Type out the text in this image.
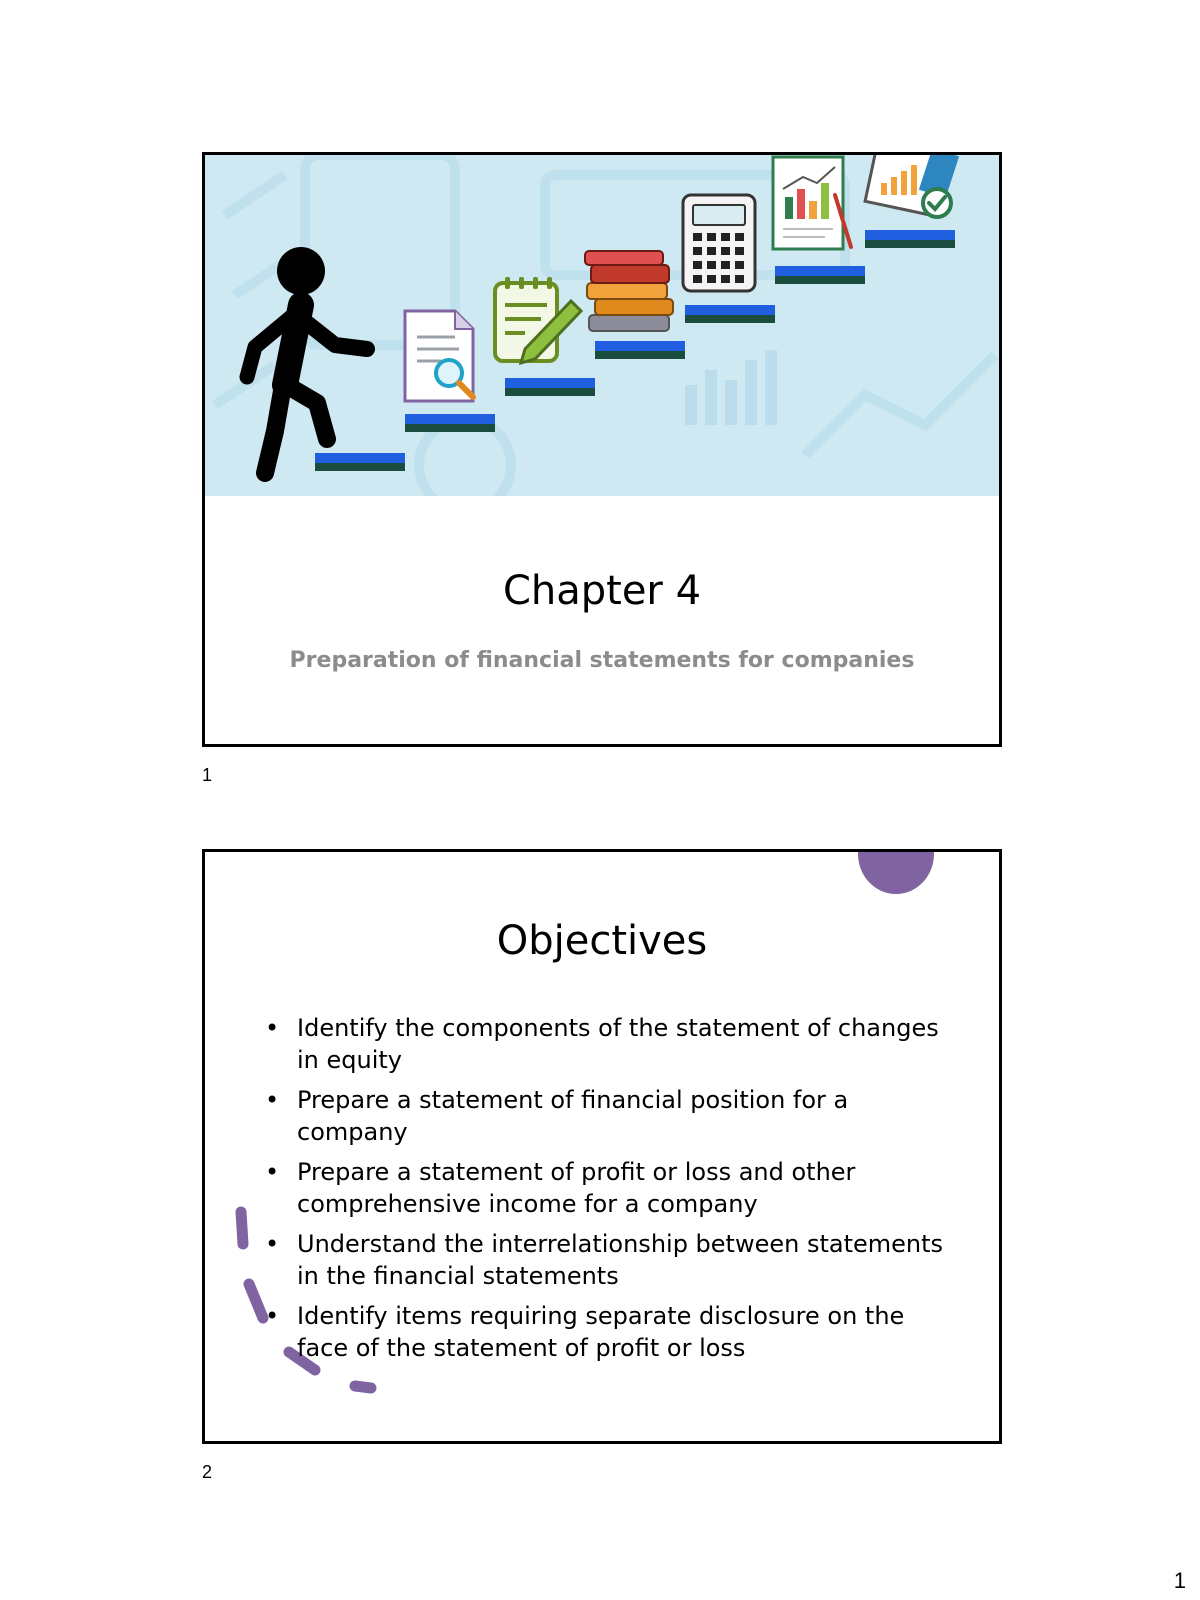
Chapter 4
Preparation of financial statements for companies
1
Objectives
• Identify the components of the statement of changes in equity
• Prepare a statement of financial position for a company
• Prepare a statement of profit or loss and other comprehensive income for a company
• Understand the interrelationship between statements in the financial statements
• Identify items requiring separate disclosure on the face of the statement of profit or loss
2
1
